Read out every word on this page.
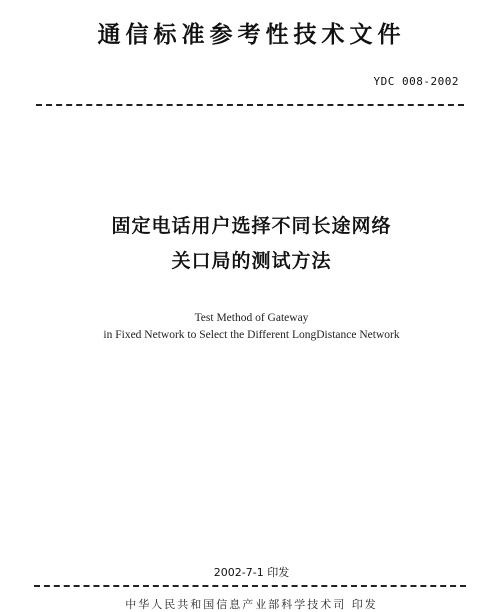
通信标准参考性技术文件
YDC 008-2002
固定电话用户选择不同长途网络
关口局的测试方法
Test Method of Gateway
in Fixed Network to Select the Different LongDistance Network
2002-7-1 印发
中华人民共和国信息产业部科学技术司 印发
